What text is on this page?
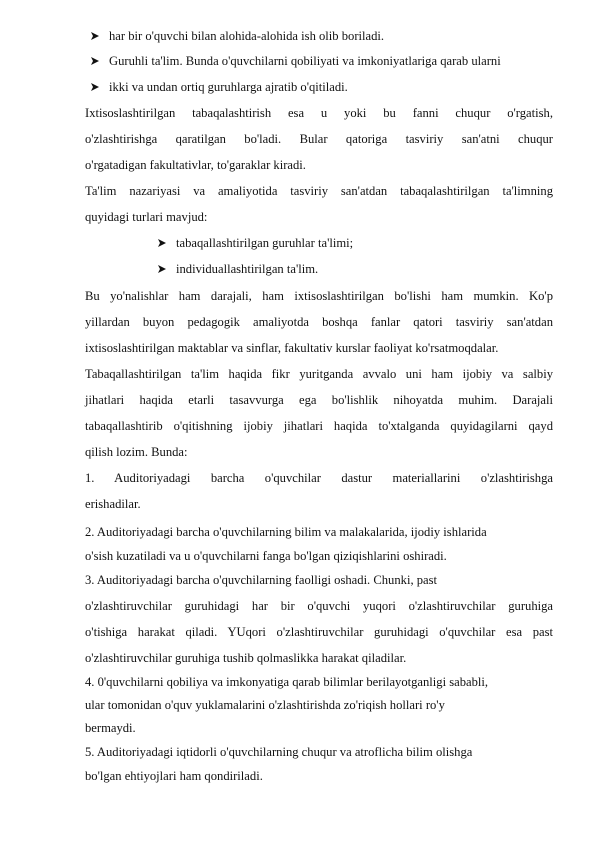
har bir o'quvchi bilan alohida-alohida ish olib boriladi.
Guruhli ta'lim. Bunda o'quvchilarni qobiliyati va imkoniyatlariga qarab ularni
ikki va undan ortiq guruhlarga ajratib o'qitiladi.
Ixtisoslashtirilgan tabaqalashtirish esa u yoki bu fanni chuqur o'rgatish,
o'zlashtirishga qaratilgan bo'ladi. Bular qatoriga tasviriy san'atni chuqur
o'rgatadigan fakultativlar, to'garaklar kiradi.
Ta'lim nazariyasi va amaliyotida tasviriy san'atdan tabaqalashtirilgan ta'limning
quyidagi turlari mavjud:
tabaqallashtirilgan guruhlar ta'limi;
individuallashtirilgan ta'lim.
Bu yo'nalishlar ham darajali, ham ixtisoslashtirilgan bo'lishi ham mumkin. Ko'p
yillardan buyon pedagogik amaliyotda boshqa fanlar qatori tasviriy san'atdan
ixtisoslashtirilgan maktablar va sinflar, fakultativ kurslar faoliyat ko'rsatmoqdalar.
Tabaqallashtirilgan ta'lim haqida fikr yuritganda avvalo uni ham ijobiy va salbiy
jihatlari haqida etarli tasavvurga ega bo'lishlik nihoyatda muhim. Darajali
tabaqallashtirib o'qitishning ijobiy jihatlari haqida to'xtalganda quyidagilarni qayd
qilish lozim. Bunda:
1. Auditoriyadagi barcha o'quvchilar dastur materiallarini o'zlashtirishga
erishadilar.
2. Auditoriyadagi barcha o'quvchilarning bilim va malakalarida, ijodiy ishlarida
o'sish kuzatiladi va u o'quvchilarni fanga bo'lgan qiziqishlarini oshiradi.
3. Auditoriyadagi barcha o'quvchilarning faolligi oshadi. Chunki, past
o'zlashtiruvchilar guruhidagi har bir o'quvchi yuqori o'zlashtiruvchilar guruhiga
o'tishiga harakat qiladi. YUqori o'zlashtiruvchilar guruhidagi o'quvchilar esa past
o'zlashtiruvchilar guruhiga tushib qolmaslikka harakat qiladilar.
4. 0'quvchilarni qobiliya va imkonyatiga qarab bilimlar berilayotganligi sababli,
ular tomonidan o'quv yuklamalarini o'zlashtirishda zo'riqish hollari ro'y
bermaydi.
5. Auditoriyadagi iqtidorli o'quvchilarning chuqur va atroflicha bilim olishga
bo'lgan ehtiyojlari ham qondiriladi.
